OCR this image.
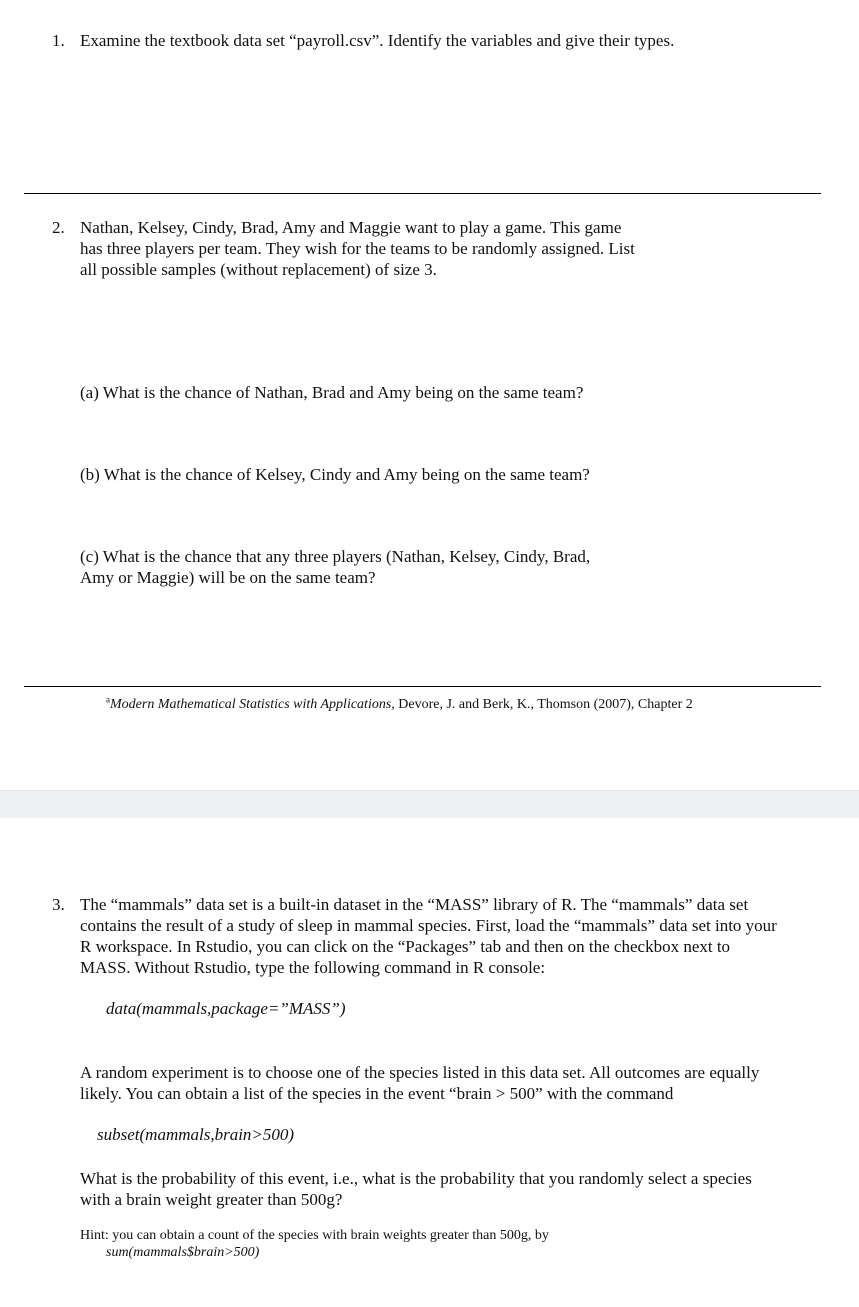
1. Examine the textbook data set “payroll.csv”. Identify the variables and give their types.
2. Nathan, Kelsey, Cindy, Brad, Amy and Maggie want to play a game. This game
has three players per team. They wish for the teams to be randomly assigned. List
all possible samples (without replacement) of size 3.
(a) What is the chance of Nathan, Brad and Amy being on the same team?
(b) What is the chance of Kelsey, Cindy and Amy being on the same team?
(c) What is the chance that any three players (Nathan, Kelsey, Cindy, Brad,
Amy or Maggie) will be on the same team?
$^a$Modern Mathematical Statistics with Applications, Devore, J. and Berk, K., Thomson (2007), Chapter 2
3. The “mammals” data set is a built-in dataset in the “MASS” library of R. The “mammals” data set
contains the result of a study of sleep in mammal species. First, load the “mammals” data set into your
R workspace. In Rstudio, you can click on the “Packages” tab and then on the checkbox next to
MASS. Without Rstudio, type the following command in R console:
data(mammals,package=”MASS”)
A random experiment is to choose one of the species listed in this data set. All outcomes are equally
likely. You can obtain a list of the species in the event “brain > 500” with the command
subset(mammals,brain>500)
What is the probability of this event, i.e., what is the probability that you randomly select a species
with a brain weight greater than 500g?
Hint: you can obtain a count of the species with brain weights greater than 500g, by
sum(mammals$brain>500)
